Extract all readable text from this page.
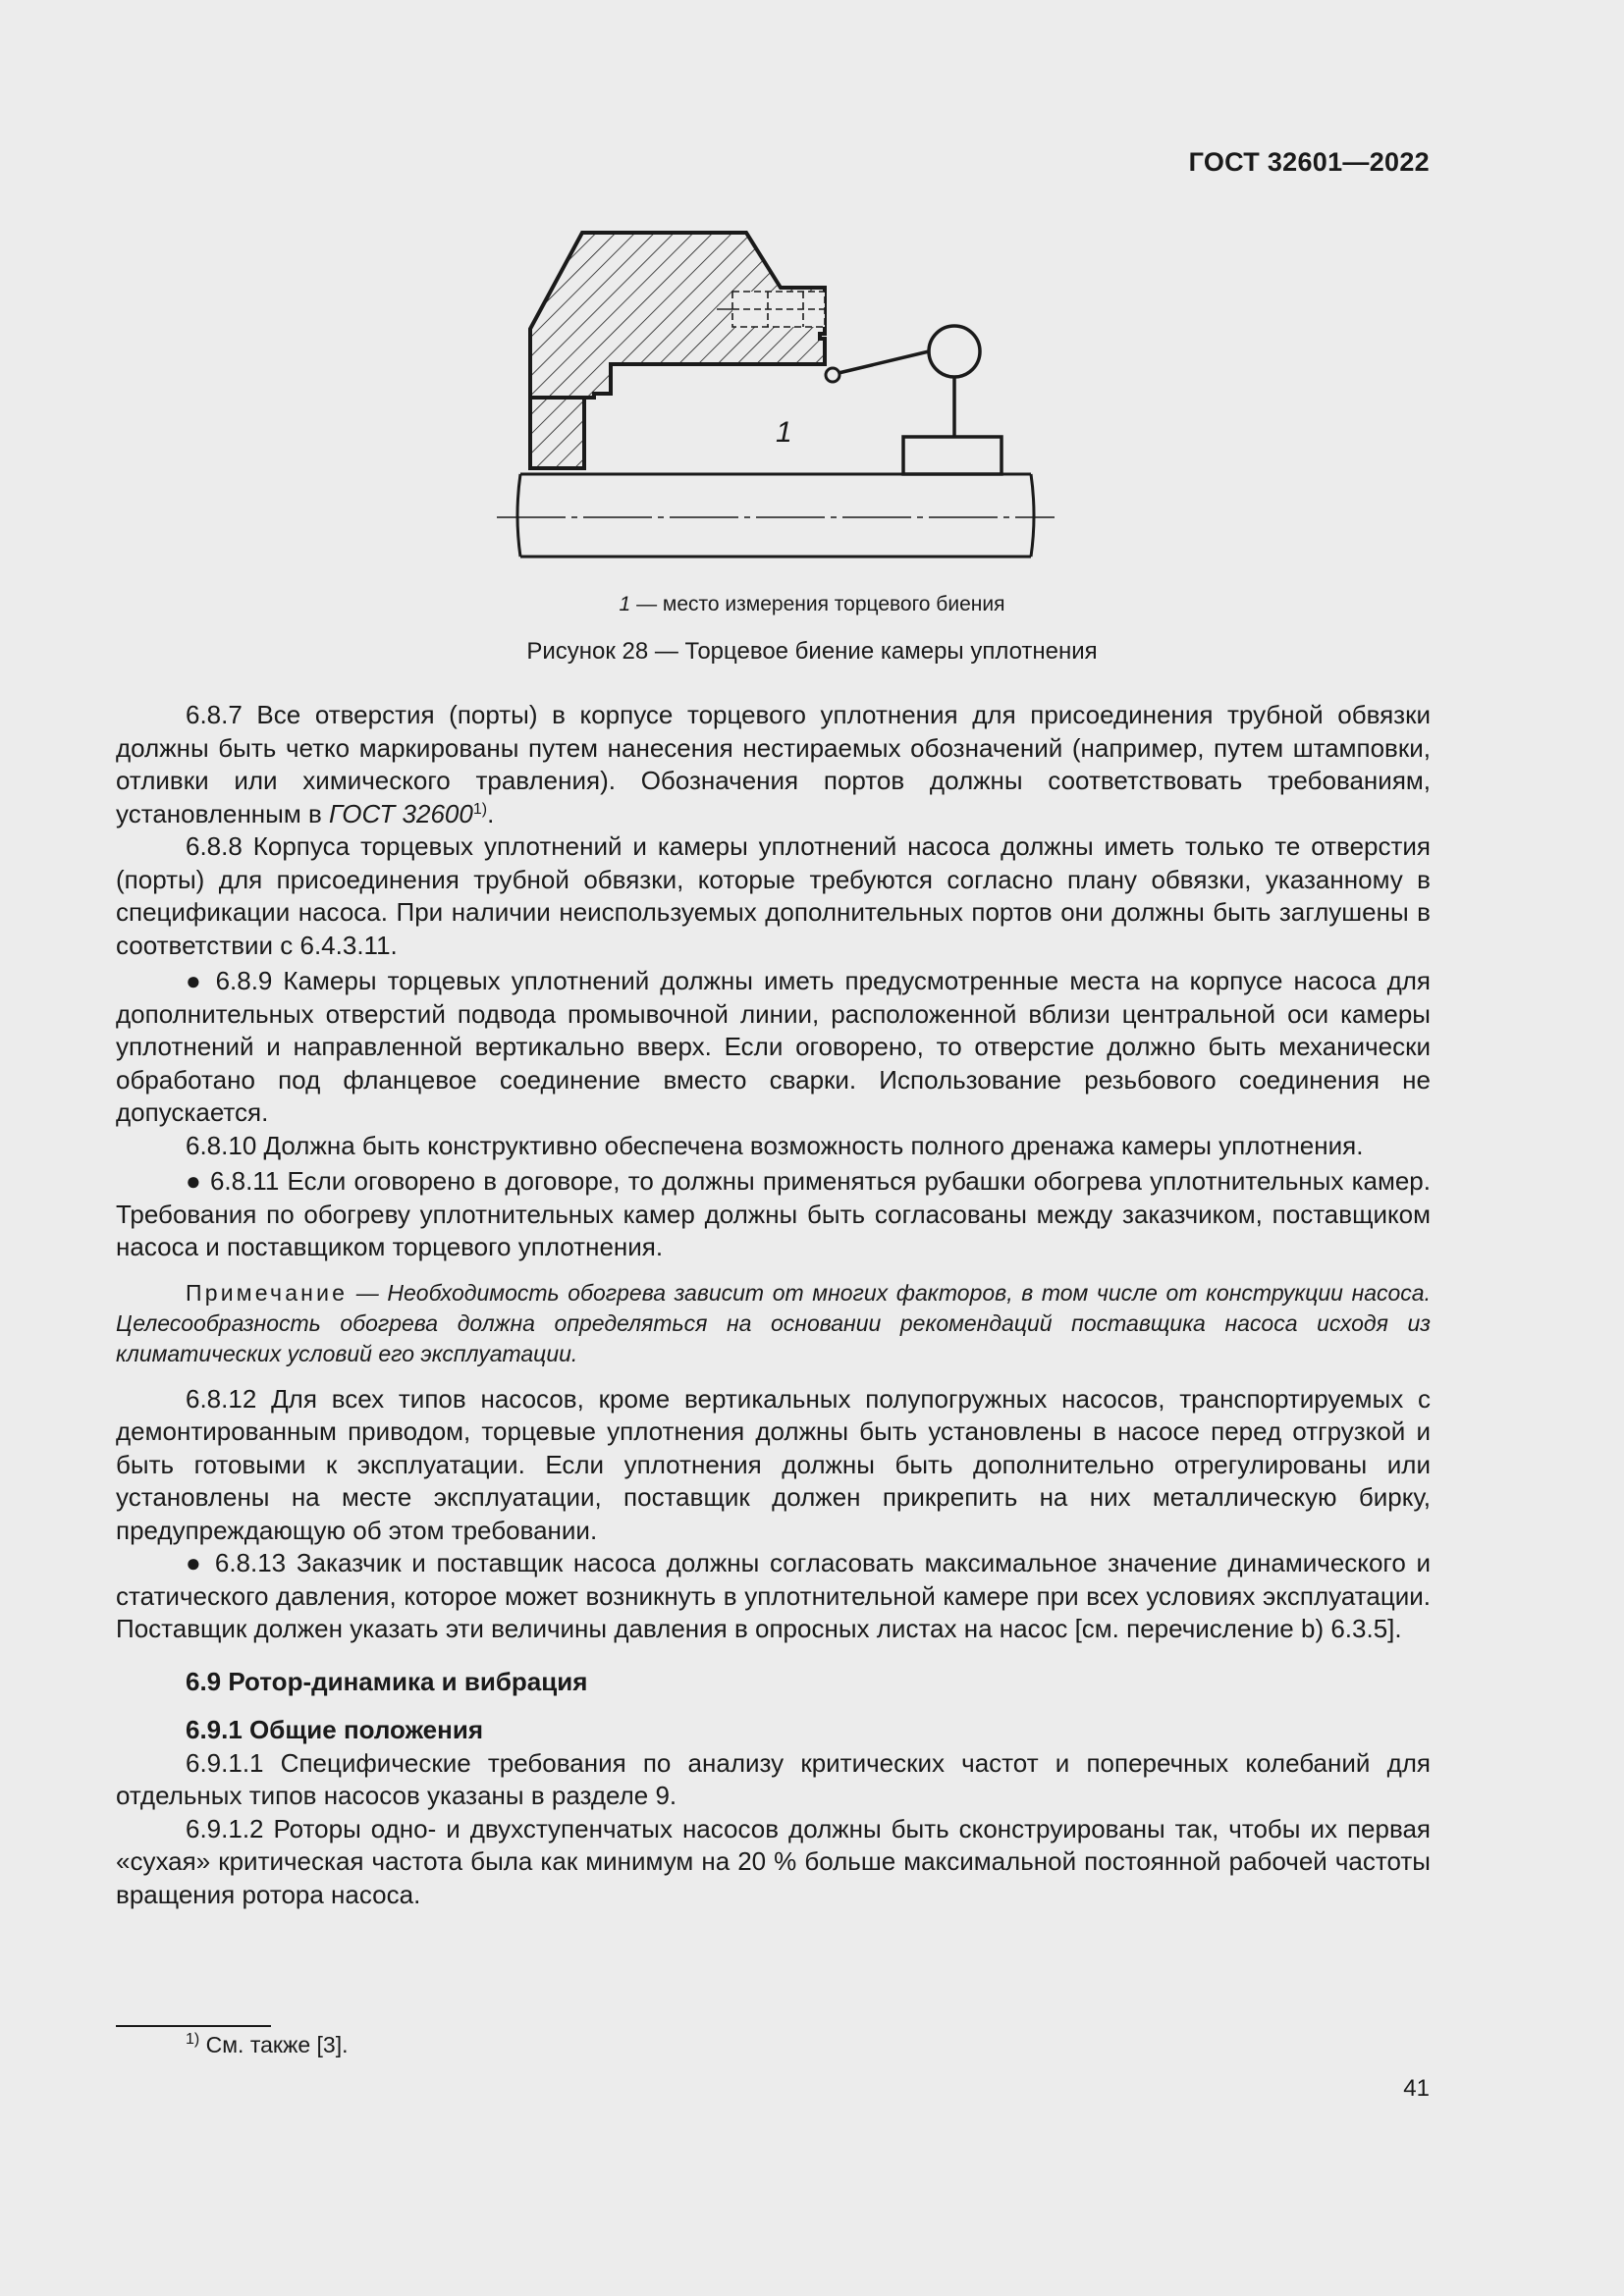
ГОСТ 32601—2022
1
1 — место измерения торцевого биения
Рисунок 28 — Торцевое биение камеры уплотнения

6.8.7 Все отверстия (порты) в корпусе торцевого уплотнения для присоединения трубной обвязки должны быть четко маркированы путем нанесения нестираемых обозначений (например, путем штамповки, отливки или химического травления). Обозначения портов должны соответствовать требованиям, установленным в ГОСТ 32600$^{1)}$.

6.8.8 Корпуса торцевых уплотнений и камеры уплотнений насоса должны иметь только те отверстия (порты) для присоединения трубной обвязки, которые требуются согласно плану обвязки, указанному в спецификации насоса. При наличии неиспользуемых дополнительных портов они должны быть заглушены в соответствии с 6.4.3.11.

● 6.8.9 Камеры торцевых уплотнений должны иметь предусмотренные места на корпусе насоса для дополнительных отверстий подвода промывочной линии, расположенной вблизи центральной оси камеры уплотнений и направленной вертикально вверх. Если оговорено, то отверстие должно быть механически обработано под фланцевое соединение вместо сварки. Использование резьбового соединения не допускается.

6.8.10 Должна быть конструктивно обеспечена возможность полного дренажа камеры уплотнения.

● 6.8.11 Если оговорено в договоре, то должны применяться рубашки обогрева уплотнительных камер. Требования по обогреву уплотнительных камер должны быть согласованы между заказчиком, поставщиком насоса и поставщиком торцевого уплотнения.

Примечание — Необходимость обогрева зависит от многих факторов, в том числе от конструкции насоса. Целесообразность обогрева должна определяться на основании рекомендаций поставщика насоса исходя из климатических условий его эксплуатации.

6.8.12 Для всех типов насосов, кроме вертикальных полупогружных насосов, транспортируемых с демонтированным приводом, торцевые уплотнения должны быть установлены в насосе перед отгрузкой и быть готовыми к эксплуатации. Если уплотнения должны быть дополнительно отрегулированы или установлены на месте эксплуатации, поставщик должен прикрепить на них металлическую бирку, предупреждающую об этом требовании.

● 6.8.13 Заказчик и поставщик насоса должны согласовать максимальное значение динамического и статического давления, которое может возникнуть в уплотнительной камере при всех условиях эксплуатации. Поставщик должен указать эти величины давления в опросных листах на насос [см. перечисление b) 6.3.5].

6.9 Ротор-динамика и вибрация

6.9.1 Общие положения

6.9.1.1 Специфические требования по анализу критических частот и поперечных колебаний для отдельных типов насосов указаны в разделе 9.

6.9.1.2 Роторы одно- и двухступенчатых насосов должны быть сконструированы так, чтобы их первая «сухая» критическая частота была как минимум на 20 % больше максимальной постоянной рабочей частоты вращения ротора насоса.

$^{1)}$ См. также [3].
41
